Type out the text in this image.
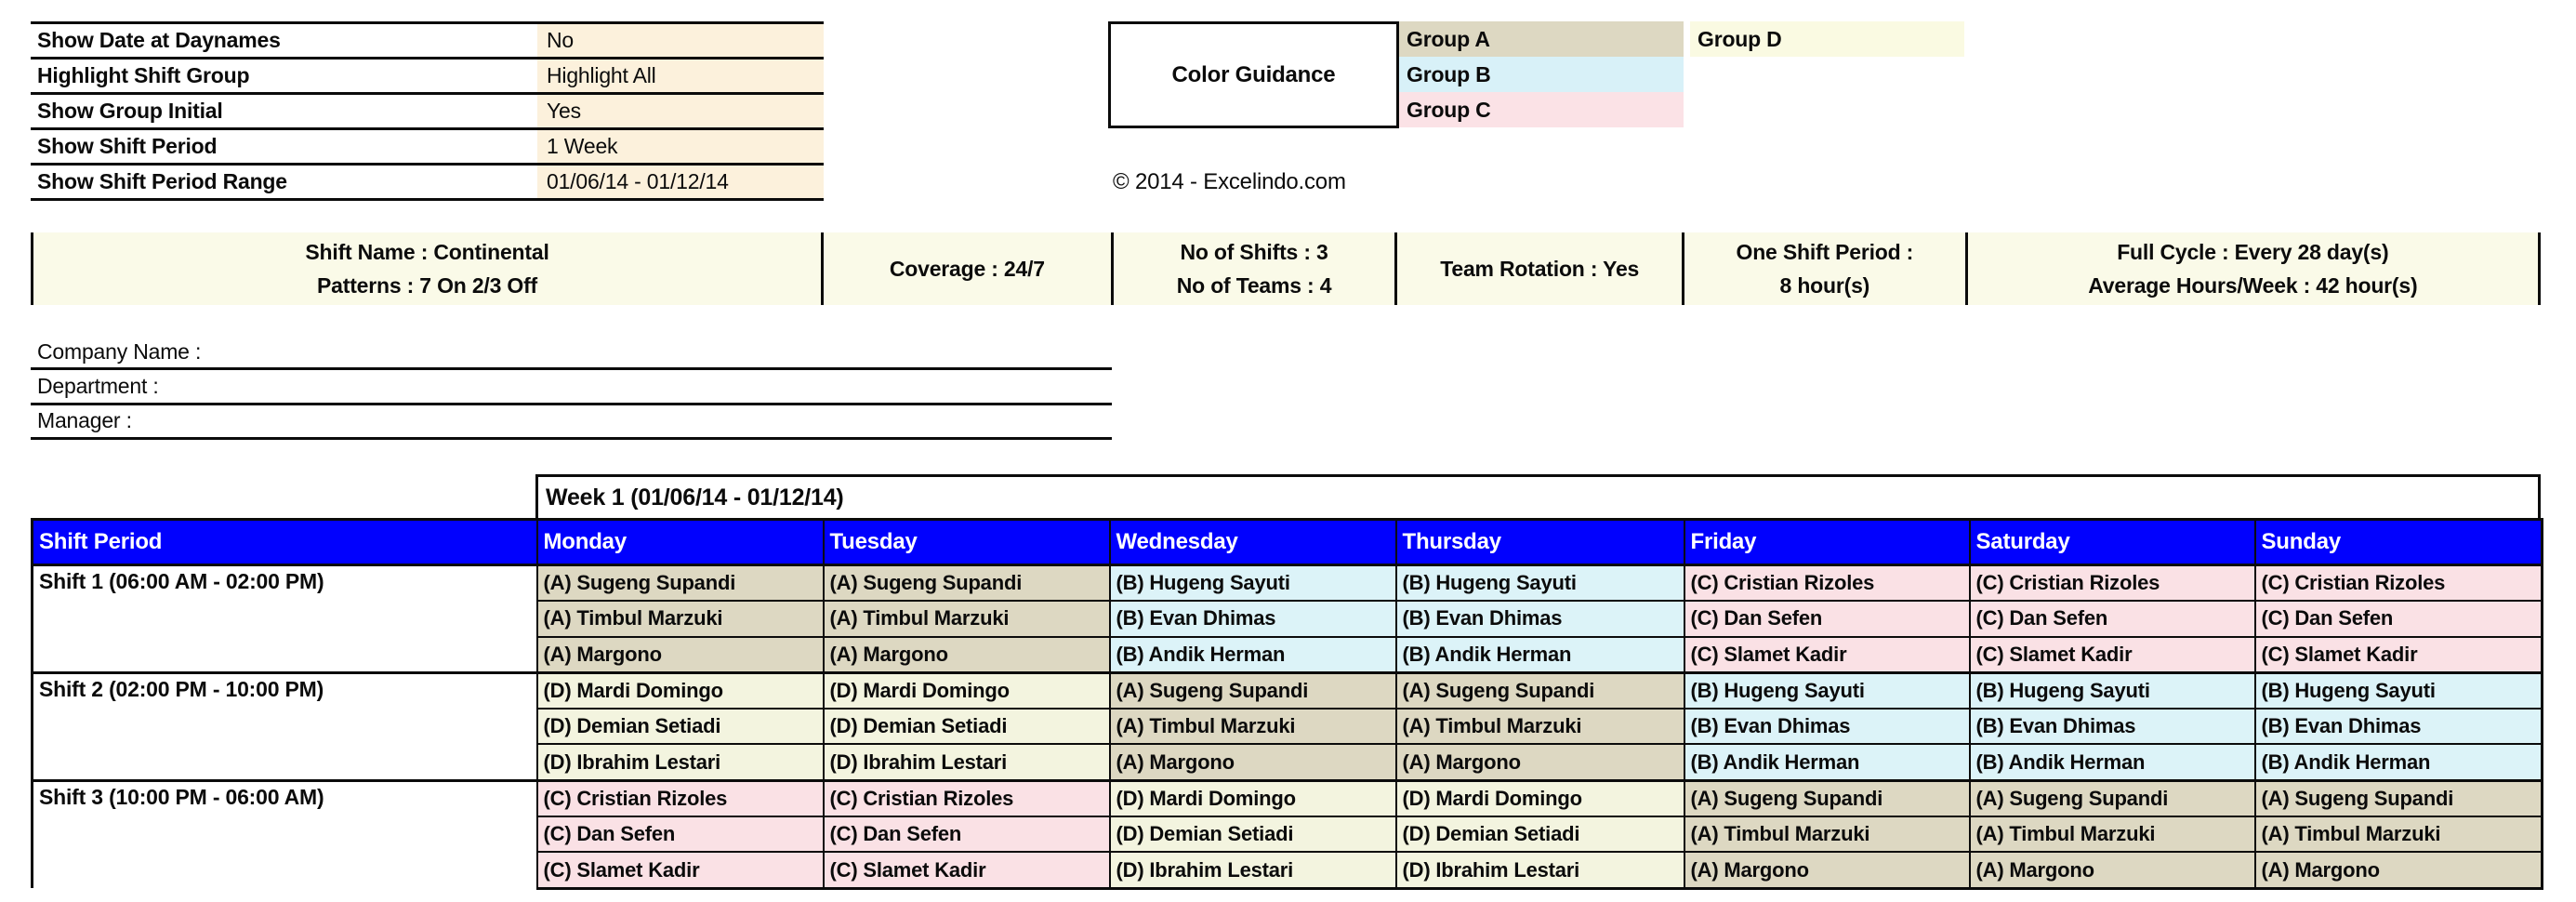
Show Date at Daynames	No
Highlight Shift Group	Highlight All
Show Group Initial	Yes
Show Shift Period	1 Week
Show Shift Period Range	01/06/14 - 01/12/14
Color Guidance
Group A
Group B
Group C
Group D
© 2014 - Excelindo.com
Shift Name : Continental
Patterns : 7 On 2/3 Off
Coverage : 24/7
No of Shifts : 3
No of Teams : 4
Team Rotation : Yes
One Shift Period :
8 hour(s)
Full Cycle : Every 28 day(s)
Average Hours/Week : 42 hour(s)
Company Name :
Department :
Manager :
Week 1 (01/06/14 - 01/12/14)
Shift Period	Monday	Tuesday	Wednesday	Thursday	Friday	Saturday	Sunday
Shift 1 (06:00 AM - 02:00 PM)	(A) Sugeng Supandi	(A) Sugeng Supandi	(B) Hugeng Sayuti	(B) Hugeng Sayuti	(C) Cristian Rizoles	(C) Cristian Rizoles	(C) Cristian Rizoles
	(A) Timbul Marzuki	(A) Timbul Marzuki	(B) Evan Dhimas	(B) Evan Dhimas	(C) Dan Sefen	(C) Dan Sefen	(C) Dan Sefen
	(A) Margono	(A) Margono	(B) Andik Herman	(B) Andik Herman	(C) Slamet Kadir	(C) Slamet Kadir	(C) Slamet Kadir
Shift 2 (02:00 PM - 10:00 PM)	(D) Mardi Domingo	(D) Mardi Domingo	(A) Sugeng Supandi	(A) Sugeng Supandi	(B) Hugeng Sayuti	(B) Hugeng Sayuti	(B) Hugeng Sayuti
	(D) Demian Setiadi	(D) Demian Setiadi	(A) Timbul Marzuki	(A) Timbul Marzuki	(B) Evan Dhimas	(B) Evan Dhimas	(B) Evan Dhimas
	(D) Ibrahim Lestari	(D) Ibrahim Lestari	(A) Margono	(A) Margono	(B) Andik Herman	(B) Andik Herman	(B) Andik Herman
Shift 3 (10:00 PM - 06:00 AM)	(C) Cristian Rizoles	(C) Cristian Rizoles	(D) Mardi Domingo	(D) Mardi Domingo	(A) Sugeng Supandi	(A) Sugeng Supandi	(A) Sugeng Supandi
	(C) Dan Sefen	(C) Dan Sefen	(D) Demian Setiadi	(D) Demian Setiadi	(A) Timbul Marzuki	(A) Timbul Marzuki	(A) Timbul Marzuki
	(C) Slamet Kadir	(C) Slamet Kadir	(D) Ibrahim Lestari	(D) Ibrahim Lestari	(A) Margono	(A) Margono	(A) Margono
